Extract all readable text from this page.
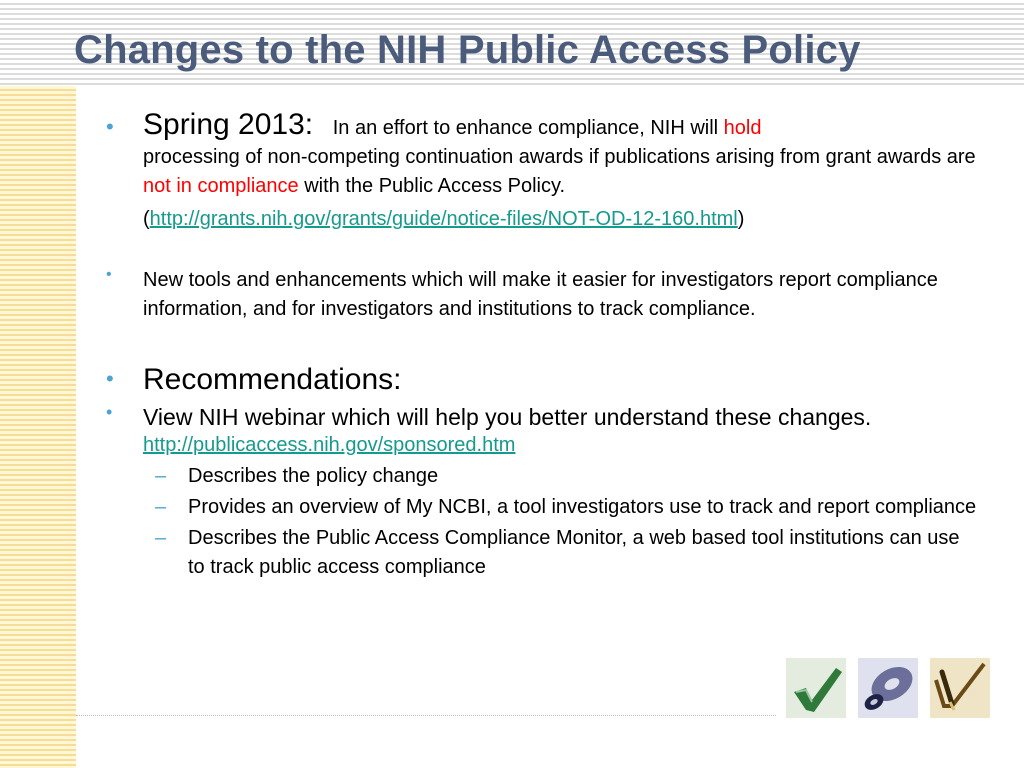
Changes to the NIH Public Access Policy
• Spring 2013: In an effort to enhance compliance, NIH will hold
processing of non-competing continuation awards if publications arising from grant awards are not in compliance with the Public Access Policy.
(http://grants.nih.gov/grants/guide/notice-files/NOT-OD-12-160.html)
• New tools and enhancements which will make it easier for investigators report compliance information, and for investigators and institutions to track compliance.
• Recommendations:
• View NIH webinar which will help you better understand these changes.
http://publicaccess.nih.gov/sponsored.htm
– Describes the policy change
– Provides an overview of My NCBI, a tool investigators use to track and report compliance
– Describes the Public Access Compliance Monitor, a web based tool institutions can use to track public access compliance
